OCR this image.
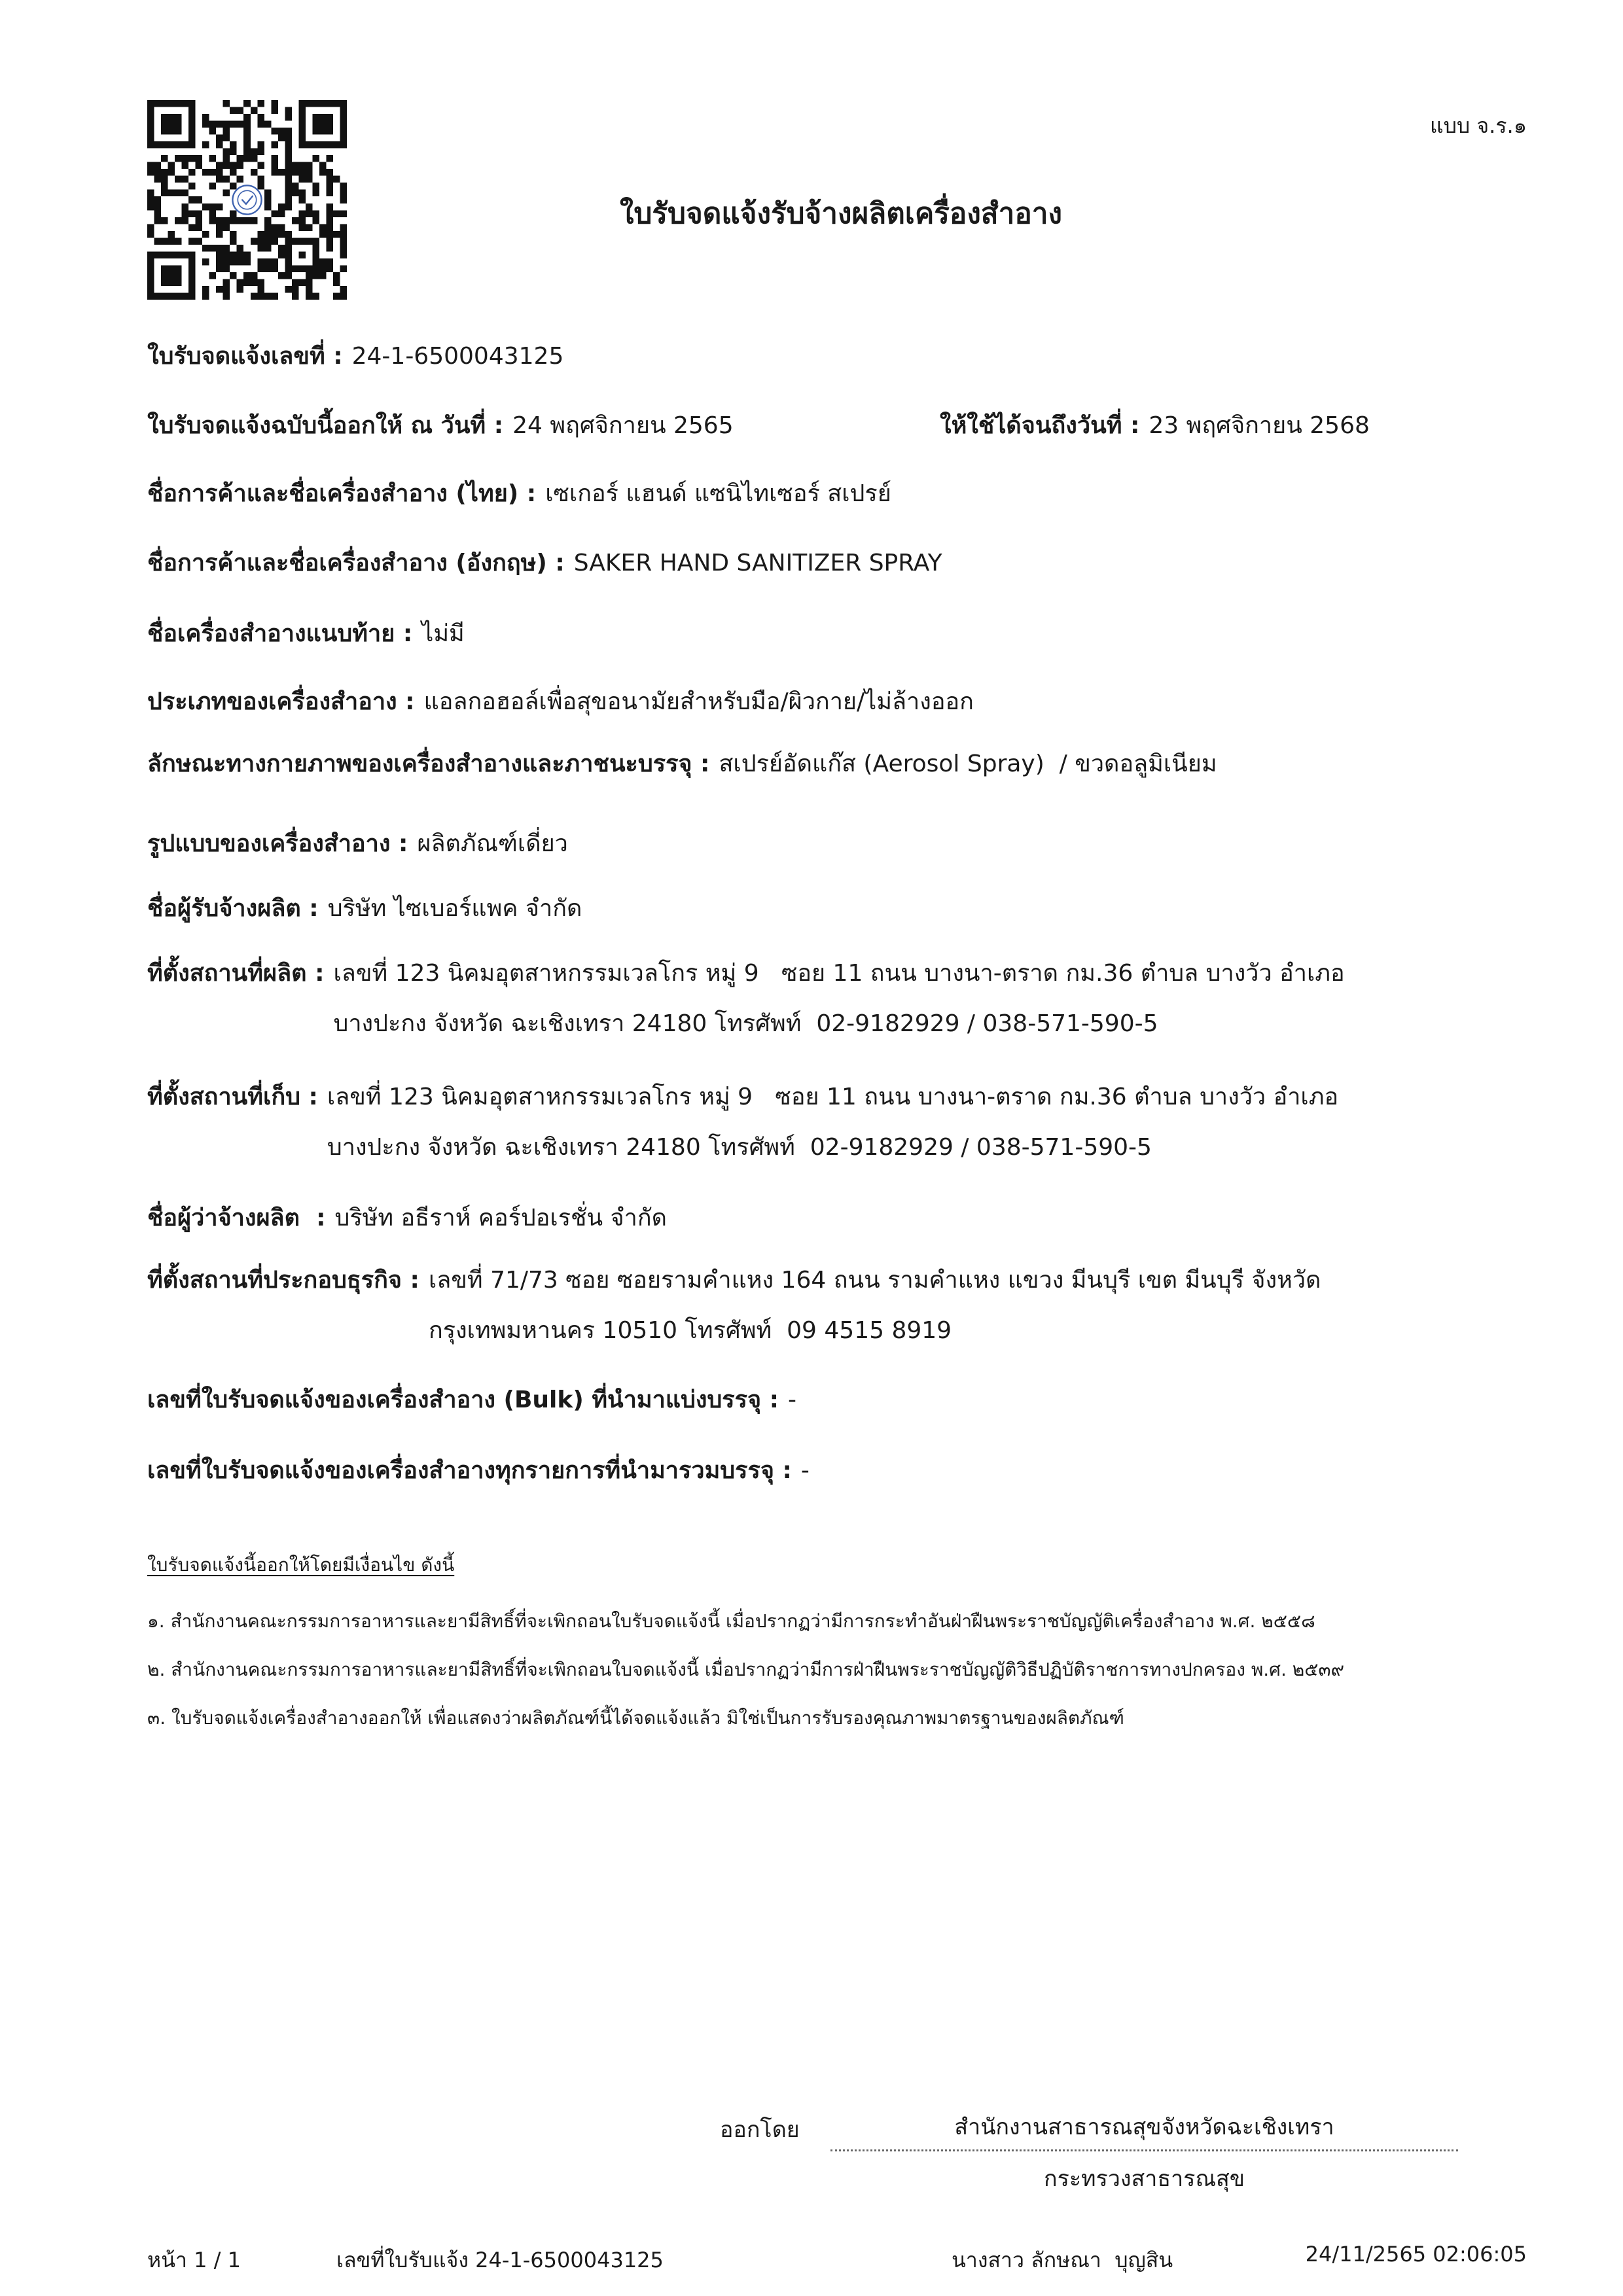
แบบ จ.ร.๑
ใบรับจดแจ้งรับจ้างผลิตเครื่องสำอาง
ใบรับจดแจ้งเลขที่ : 24-1-6500043125
ใบรับจดแจ้งฉบับนี้ออกให้ ณ วันที่ : 24 พฤศจิกายน 2565	ให้ใช้ได้จนถึงวันที่ : 23 พฤศจิกายน 2568
ชื่อการค้าและชื่อเครื่องสำอาง (ไทย) : เซเกอร์ แฮนด์ แซนิไทเซอร์ สเปรย์
ชื่อการค้าและชื่อเครื่องสำอาง (อังกฤษ) : SAKER HAND SANITIZER SPRAY
ชื่อเครื่องสำอางแนบท้าย : ไม่มี
ประเภทของเครื่องสำอาง : แอลกอฮอล์เพื่อสุขอนามัยสำหรับมือ/ผิวกาย/ไม่ล้างออก
ลักษณะทางกายภาพของเครื่องสำอางและภาชนะบรรจุ : สเปรย์อัดแก๊ส (Aerosol Spray)  / ขวดอลูมิเนียม
รูปแบบของเครื่องสำอาง : ผลิตภัณฑ์เดี่ยว
ชื่อผู้รับจ้างผลิต : บริษัท ไซเบอร์แพค จำกัด
ที่ตั้งสถานที่ผลิต : เลขที่ 123 นิคมอุตสาหกรรมเวลโกร หมู่ 9   ซอย 11 ถนน บางนา-ตราด กม.36 ตำบล บางวัว อำเภอ
บางปะกง จังหวัด ฉะเชิงเทรา 24180 โทรศัพท์  02-9182929 / 038-571-590-5
ที่ตั้งสถานที่เก็บ : เลขที่ 123 นิคมอุตสาหกรรมเวลโกร หมู่ 9   ซอย 11 ถนน บางนา-ตราด กม.36 ตำบล บางวัว อำเภอ
บางปะกง จังหวัด ฉะเชิงเทรา 24180 โทรศัพท์  02-9182929 / 038-571-590-5
ชื่อผู้ว่าจ้างผลิต  : บริษัท อธีราห์ คอร์ปอเรชั่น จำกัด
ที่ตั้งสถานที่ประกอบธุรกิจ : เลขที่ 71/73 ซอย ซอยรามคำแหง 164 ถนน รามคำแหง แขวง มีนบุรี เขต มีนบุรี จังหวัด
กรุงเทพมหานคร 10510 โทรศัพท์  09 4515 8919
เลขที่ใบรับจดแจ้งของเครื่องสำอาง (Bulk) ที่นำมาแบ่งบรรจุ : -
เลขที่ใบรับจดแจ้งของเครื่องสำอางทุกรายการที่นำมารวมบรรจุ : -
ใบรับจดแจ้งนี้ออกให้โดยมีเงื่อนไข ดังนี้
๑. สำนักงานคณะกรรมการอาหารและยามีสิทธิ์ที่จะเพิกถอนใบรับจดแจ้งนี้ เมื่อปรากฏว่ามีการกระทำอันฝ่าฝืนพระราชบัญญัติเครื่องสำอาง พ.ศ. ๒๕๕๘
๒. สำนักงานคณะกรรมการอาหารและยามีสิทธิ์ที่จะเพิกถอนใบจดแจ้งนี้ เมื่อปรากฏว่ามีการฝ่าฝืนพระราชบัญญัติวิธีปฏิบัติราชการทางปกครอง พ.ศ. ๒๕๓๙
๓. ใบรับจดแจ้งเครื่องสำอางออกให้ เพื่อแสดงว่าผลิตภัณฑ์นี้ได้จดแจ้งแล้ว มิใช่เป็นการรับรองคุณภาพมาตรฐานของผลิตภัณฑ์
ออกโดย	สำนักงานสาธารณสุขจังหวัดฉะเชิงเทรา
กระทรวงสาธารณสุข
หน้า 1 / 1	เลขที่ใบรับแจ้ง 24-1-6500043125	นางสาว ลักษณา  บุญสิน	24/11/2565 02:06:05
